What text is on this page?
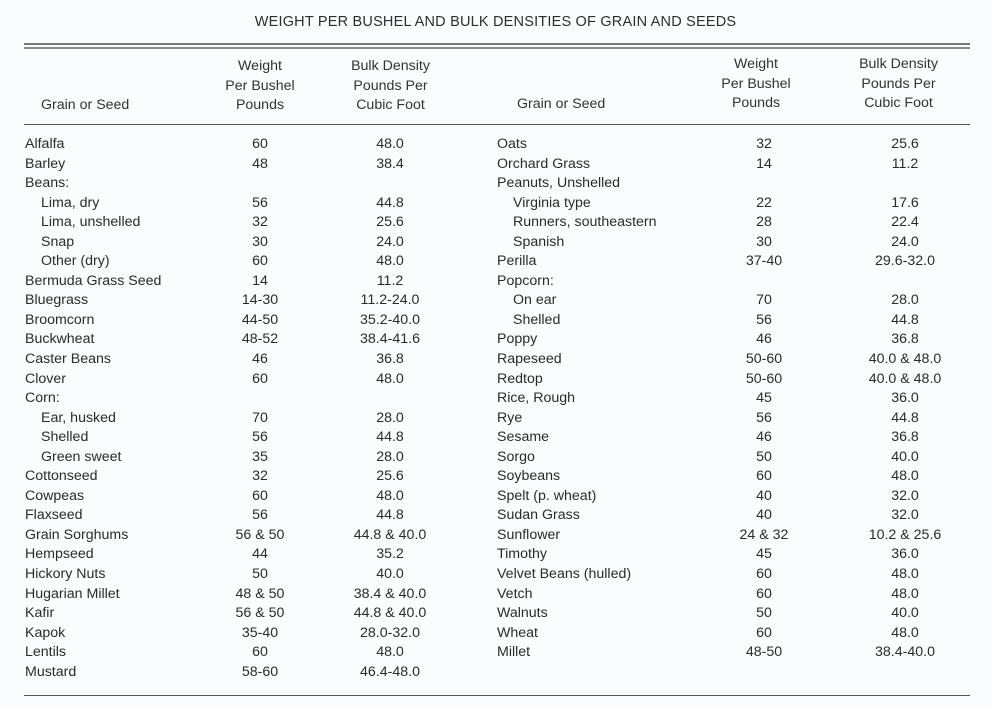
WEIGHT PER BUSHEL AND BULK DENSITIES OF GRAIN AND SEEDS
Grain or Seed
Weight
Per Bushel
Pounds
Bulk Density
Pounds Per
Cubic Foot	Grain or Seed
Weight
Per Bushel
Pounds
Bulk Density
Pounds Per
Cubic Foot
Alfalfa	60	48.0
Barley	48	38.4
Beans:
Lima, dry	56	44.8
Lima, unshelled	32	25.6
Snap	30	24.0
Other (dry)	60	48.0
Bermuda Grass Seed	14	11.2
Bluegrass	14-30	11.2-24.0
Broomcorn	44-50	35.2-40.0
Buckwheat	48-52	38.4-41.6
Caster Beans	46	36.8
Clover	60	48.0
Corn:
Ear, husked	70	28.0
Shelled	56	44.8
Green sweet	35	28.0
Cottonseed	32	25.6
Cowpeas	60	48.0
Flaxseed	56	44.8
Grain Sorghums	56 & 50	44.8 & 40.0
Hempseed	44	35.2
Hickory Nuts	50	40.0
Hugarian Millet	48 & 50	38.4 & 40.0
Kafir	56 & 50	44.8 & 40.0
Kapok	35-40	28.0-32.0
Lentils	60	48.0
Mustard	58-60	46.4-48.0
Oats	32	25.6
Orchard Grass	14	11.2
Peanuts, Unshelled
Virginia type	22	17.6
Runners, southeastern	28	22.4
Spanish	30	24.0
Perilla	37-40	29.6-32.0
Popcorn:
On ear	70	28.0
Shelled	56	44.8
Poppy	46	36.8
Rapeseed	50-60	40.0 & 48.0
Redtop	50-60	40.0 & 48.0
Rice, Rough	45	36.0
Rye	56	44.8
Sesame	46	36.8
Sorgo	50	40.0
Soybeans	60	48.0
Spelt (p. wheat)	40	32.0
Sudan Grass	40	32.0
Sunflower	24 & 32	10.2 & 25.6
Timothy	45	36.0
Velvet Beans (hulled)	60	48.0
Vetch	60	48.0
Walnuts	50	40.0
Wheat	60	48.0
Millet	48-50	38.4-40.0
